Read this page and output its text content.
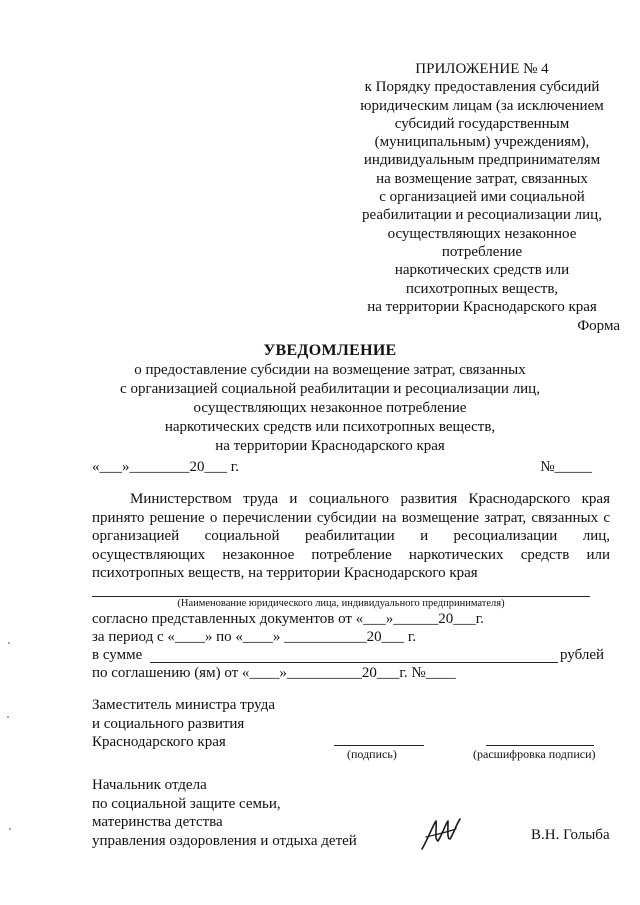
ПРИЛОЖЕНИЕ № 4
к Порядку предоставления субсидий
юридическим лицам (за исключением
субсидий государственным
(муниципальным) учреждениям),
индивидуальным предпринимателям
на возмещение затрат, связанных
с организацией ими социальной
реабилитации и ресоциализации лиц,
осуществляющих незаконное
потребление
наркотических средств или
психотропных веществ,
на территории Краснодарского края
Форма
УВЕДОМЛЕНИЕ
о предоставление субсидии на возмещение затрат, связанных
с организацией социальной реабилитации и ресоциализации лиц,
осуществляющих незаконное потребление
наркотических средств или психотропных веществ,
на территории Краснодарского края
«___»________20___ г.	№_____
Министерством труда и социального развития Краснодарского края
принято решение о перечислении субсидии на возмещение затрат, связанных с
организацией социальной реабилитации и ресоциализации лиц,
осуществляющих незаконное потребление наркотических средств или
психотропных веществ, на территории Краснодарского края
(Наименование юридического лица, индивидуального предпринимателя)
согласно представленных документов от «___»______20___г.
за период с «____» по «____» ___________20___ г.
в сумме	рублей
по соглашению (ям) от «____»__________20___г. №____
Заместитель министра труда
и социального развития
Краснодарского края
(подпись)	(расшифровка подписи)
Начальник отдела
по социальной защите семьи,
материнства детства
управления оздоровления и отдыха детей	В.Н. Голыба
